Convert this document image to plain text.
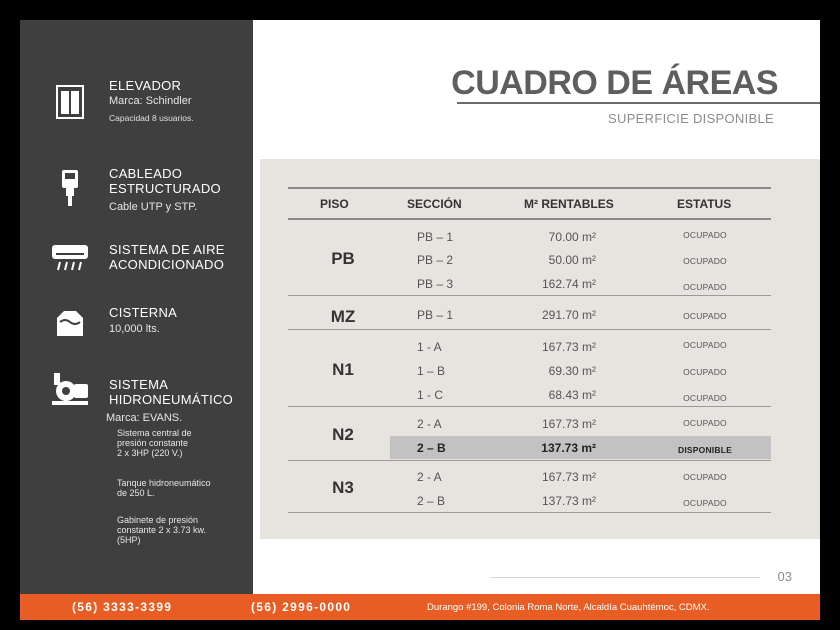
ELEVADOR
Marca: Schindler
Capacidad 8 usuarios.
CABLEADO
ESTRUCTURADO
Cable UTP y STP.
SISTEMA DE AIRE
ACONDICIONADO
CISTERNA
10,000 lts.
SISTEMA
HIDRONEUMÁTICO
Marca: EVANS.
Sistema central de
presión constante
2 x 3HP (220 V.)
Tanque hidroneumático
de 250 L.
Gabinete de presión
constante 2 x 3.73 kw.
(5HP)
CUADRO DE ÁREAS
SUPERFICIE DISPONIBLE
PISO	SECCIÓN	M² RENTABLES	ESTATUS
PB
PB – 1	70.00 m²	OCUPADO
PB – 2	50.00 m²	OCUPADO
PB – 3	162.74 m²	OCUPADO
MZ	PB – 1	291.70 m²	OCUPADO
N1
1 - A	167.73 m²	OCUPADO
1 – B	69.30 m²	OCUPADO
1 - C	68.43 m²	OCUPADO
N2
2 - A	167.73 m²	OCUPADO
2 – B	137.73 m²	DISPONIBLE
N3
2 - A	167.73 m²	OCUPADO
2 – B	137.73 m²	OCUPADO
03
(56) 3333-3399	(56) 2996-0000	Durango #199, Colonia Roma Norte, Alcaldía Cuauhtémoc, CDMX.
